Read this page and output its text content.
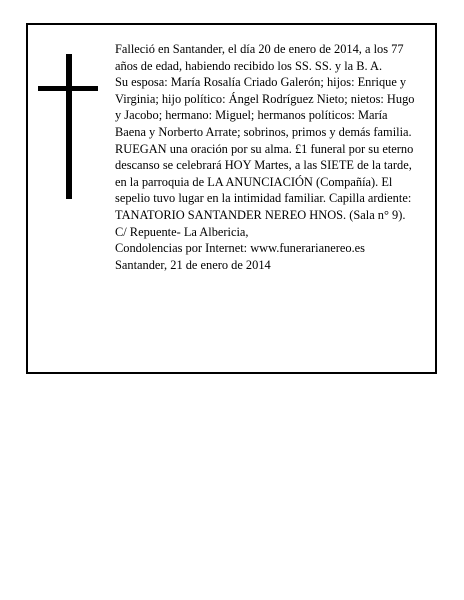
Falleció en Santander, el día 20 de enero de 2014, a los 77 años de edad, habiendo recibido los SS. SS. y la B. A.

Su esposa: María Rosalía Criado Galerón; hijos: Enrique y Virginia; hijo político: Ángel Rodríguez Nieto; nietos: Hugo y Jacobo; hermano: Miguel; hermanos políticos: María Baena y Norberto Arrate; sobrinos, primos y demás familia.

RUEGAN una oración por su alma. £1 funeral por su eterno descanso se celebrará HOY Martes, a las SIETE de la tarde, en la parroquia de LA ANUNCIACIÓN (Compañía). El sepelio tuvo lugar en la intimidad familiar. Capilla ardiente: TANATORIO SANTANDER NEREO HNOS. (Sala n° 9). C/ Repuente- La Albericia,

Condolencias por Internet: www.funerarianereo.es

Santander, 21 de enero de 2014
